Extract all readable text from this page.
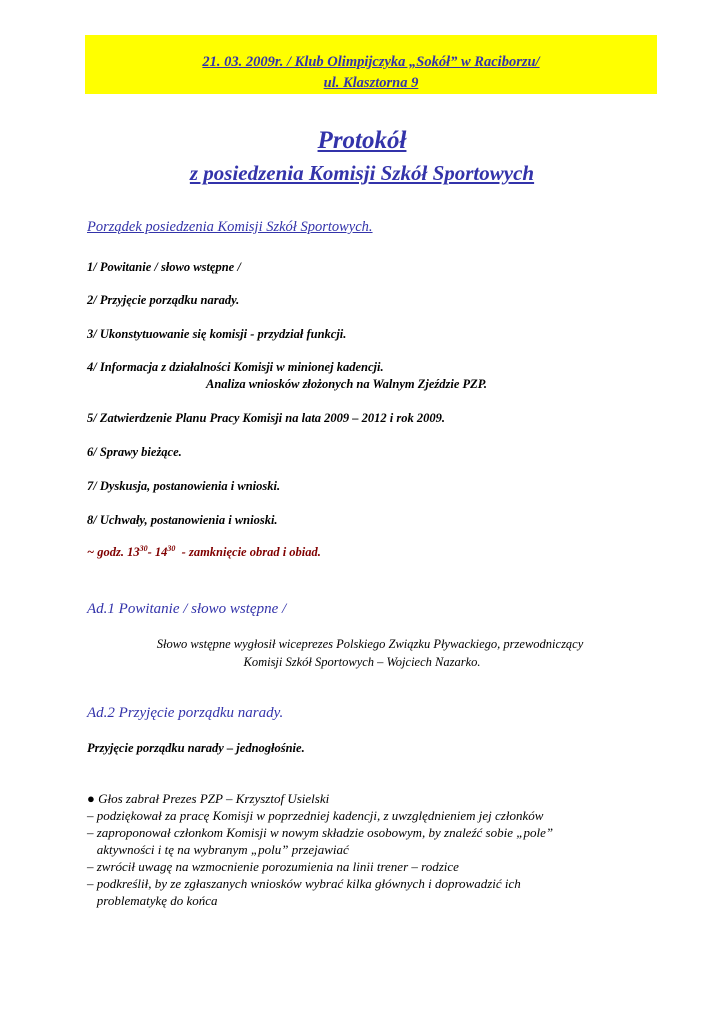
21. 03. 2009r. / Klub Olimpijczyka „Sokół” w Raciborzu/
ul. Klasztorna 9
Protokół
z posiedzenia Komisji Szkół Sportowych
Porządek posiedzenia Komisji Szkół Sportowych.
1/ Powitanie / słowo wstępne /
2/ Przyjęcie porządku narady.
3/ Ukonstytuowanie się komisji - przydział funkcji.
4/ Informacja z działalności Komisji w minionej kadencji.
Analiza wniosków złożonych na Walnym Zjeździe PZP.
5/ Zatwierdzenie Planu Pracy Komisji na lata 2009 – 2012 i rok 2009.
6/ Sprawy bieżące.
7/ Dyskusja, postanowienia i wnioski.
8/ Uchwały, postanowienia i wnioski.
~ godz. $13^{30}-$ $14^{30}$  - zamknięcie obrad i obiad.
Ad.1 Powitanie / słowo wstępne /
Słowo wstępne wygłosił wiceprezes Polskiego Związku Pływackiego, przewodniczący
Komisji Szkół Sportowych – Wojciech Nazarko.
Ad.2 Przyjęcie porządku narady.
Przyjęcie porządku narady – jednogłośnie.
● Głos zabrał Prezes PZP – Krzysztof Usielski
– podziękował za pracę Komisji w poprzedniej kadencji, z uwzględnieniem jej członków
– zaproponował członkom Komisji w nowym składzie osobowym, by znaleźć sobie „pole”
aktywności i tę na wybranym „polu” przejawiać
– zwrócił uwagę na wzmocnienie porozumienia na linii trener – rodzice
– podkreślił, by ze zgłaszanych wniosków wybrać kilka głównych i doprowadzić ich
problematykę do końca
